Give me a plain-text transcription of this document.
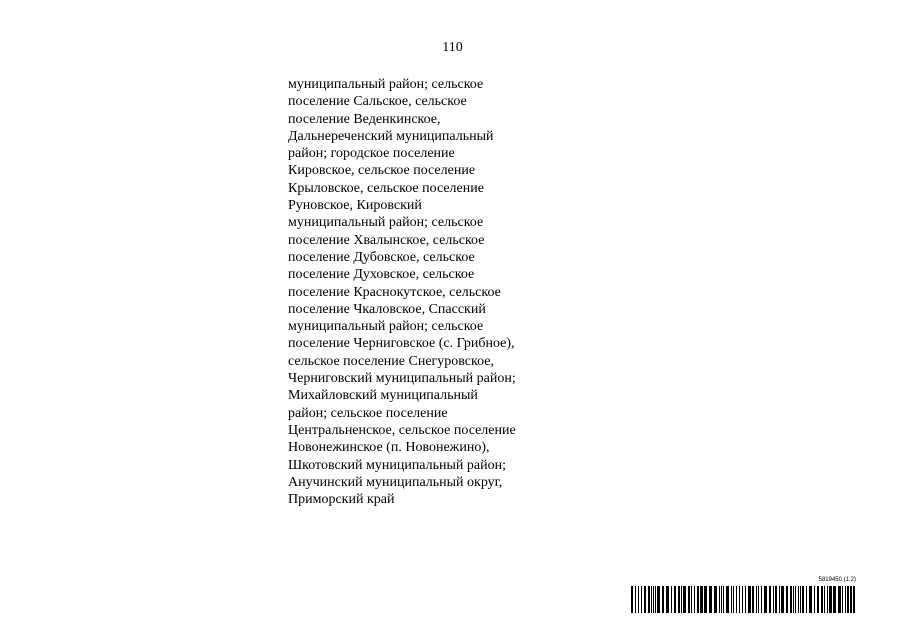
110
муниципальный район; сельское
поселение Сальское, сельское
поселение Веденкинское,
Дальнереченский муниципальный
район; городское поселение
Кировское, сельское поселение
Крыловское, сельское поселение
Руновское, Кировский
муниципальный район; сельское
поселение Хвалынское, сельское
поселение Дубовское, сельское
поселение Духовское, сельское
поселение Краснокутское, сельское
поселение Чкаловское, Спасский
муниципальный район; сельское
поселение Черниговское (с. Грибное),
сельское поселение Снегуровское,
Черниговский муниципальный район;
Михайловский муниципальный
район; сельское поселение
Центральненское, сельское поселение
Новонежинское (п. Новонежино),
Шкотовский муниципальный район;
Анучинский муниципальный округ,
Приморский край
5819450 (1.2)
